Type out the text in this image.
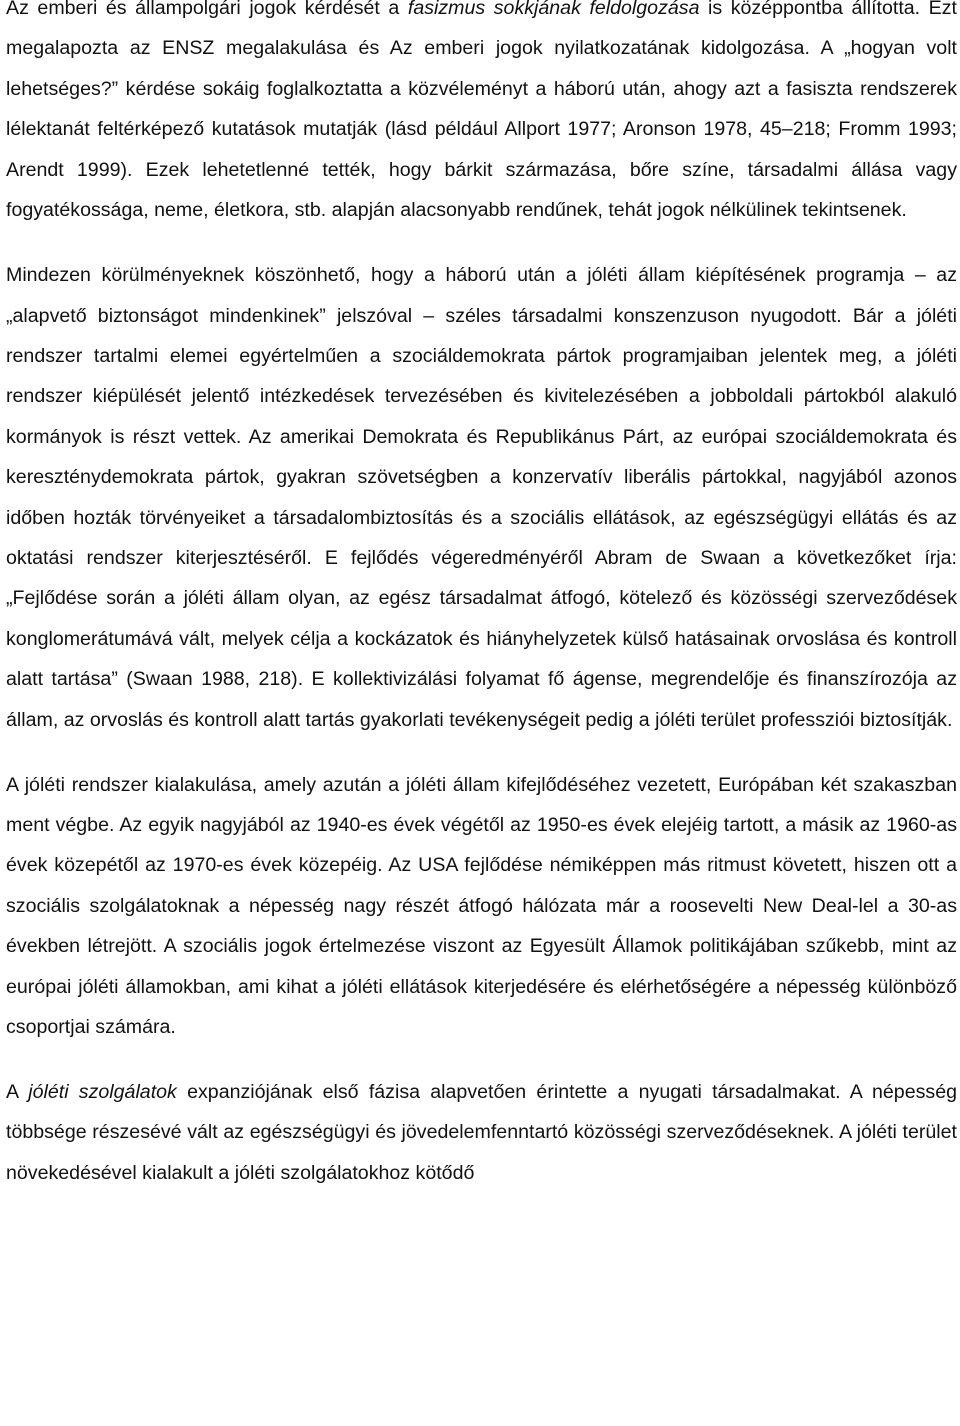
Az emberi és állampolgári jogok kérdését a fasizmus sokkjának feldolgozása is középpontba állította. Ezt megalapozta az ENSZ megalakulása és Az emberi jogok nyilatkozatának kidolgozása. A „hogyan volt lehetséges?” kérdése sokáig foglalkoztatta a közvéleményt a háború után, ahogy azt a fasiszta rendszerek lélektanát feltérképező kutatások mutatják (lásd például Allport 1977; Aronson 1978, 45–218; Fromm 1993; Arendt 1999). Ezek lehetetlenné tették, hogy bárkit származása, bőre színe, társadalmi állása vagy fogyatékossága, neme, életkora, stb. alapján alacsonyabb rendűnek, tehát jogok nélkülinek tekintsenek.

Mindezen körülményeknek köszönhető, hogy a háború után a jóléti állam kiépítésének programja – az „alapvető biztonságot mindenkinek” jelszóval – széles társadalmi konszenzuson nyugodott. Bár a jóléti rendszer tartalmi elemei egyértelműen a szociáldemokrata pártok programjaiban jelentek meg, a jóléti rendszer kiépülését jelentő intézkedések tervezésében és kivitelezésében a jobboldali pártokból alakuló kormányok is részt vettek. Az amerikai Demokrata és Republikánus Párt, az európai szociáldemokrata és kereszténydemokrata pártok, gyakran szövetségben a konzervatív liberális pártokkal, nagyjából azonos időben hozták törvényeiket a társadalombiztosítás és a szociális ellátások, az egészségügyi ellátás és az oktatási rendszer kiterjesztéséről. E fejlődés végeredményéről Abram de Swaan a következőket írja: „Fejlődése során a jóléti állam olyan, az egész társadalmat átfogó, kötelező és közösségi szerveződések konglomerátumává vált, melyek célja a kockázatok és hiányhelyzetek külső hatásainak orvoslása és kontroll alatt tartása” (Swaan 1988, 218). E kollektivizálási folyamat fő ágense, megrendelője és finanszírozója az állam, az orvoslás és kontroll alatt tartás gyakorlati tevékenységeit pedig a jóléti terület professziói biztosítják.

A jóléti rendszer kialakulása, amely azután a jóléti állam kifejlődéséhez vezetett, Európában két szakaszban ment végbe. Az egyik nagyjából az 1940-es évek végétől az 1950-es évek elejéig tartott, a másik az 1960-as évek közepétől az 1970-es évek közepéig. Az USA fejlődése némiképpen más ritmust követett, hiszen ott a szociális szolgálatoknak a népesség nagy részét átfogó hálózata már a roosevelti New Deal-lel a 30-as években létrejött. A szociális jogok értelmezése viszont az Egyesült Államok politikájában szűkebb, mint az európai jóléti államokban, ami kihat a jóléti ellátások kiterjedésére és elérhetőségére a népesség különböző csoportjai számára.

A jóléti szolgálatok expanziójának első fázisa alapvetően érintette a nyugati társadalmakat. A népesség többsége részesévé vált az egészségügyi és jövedelemfenntartó közösségi szerveződéseknek. A jóléti terület növekedésével kialakult a jóléti szolgálatokhoz kötődő
